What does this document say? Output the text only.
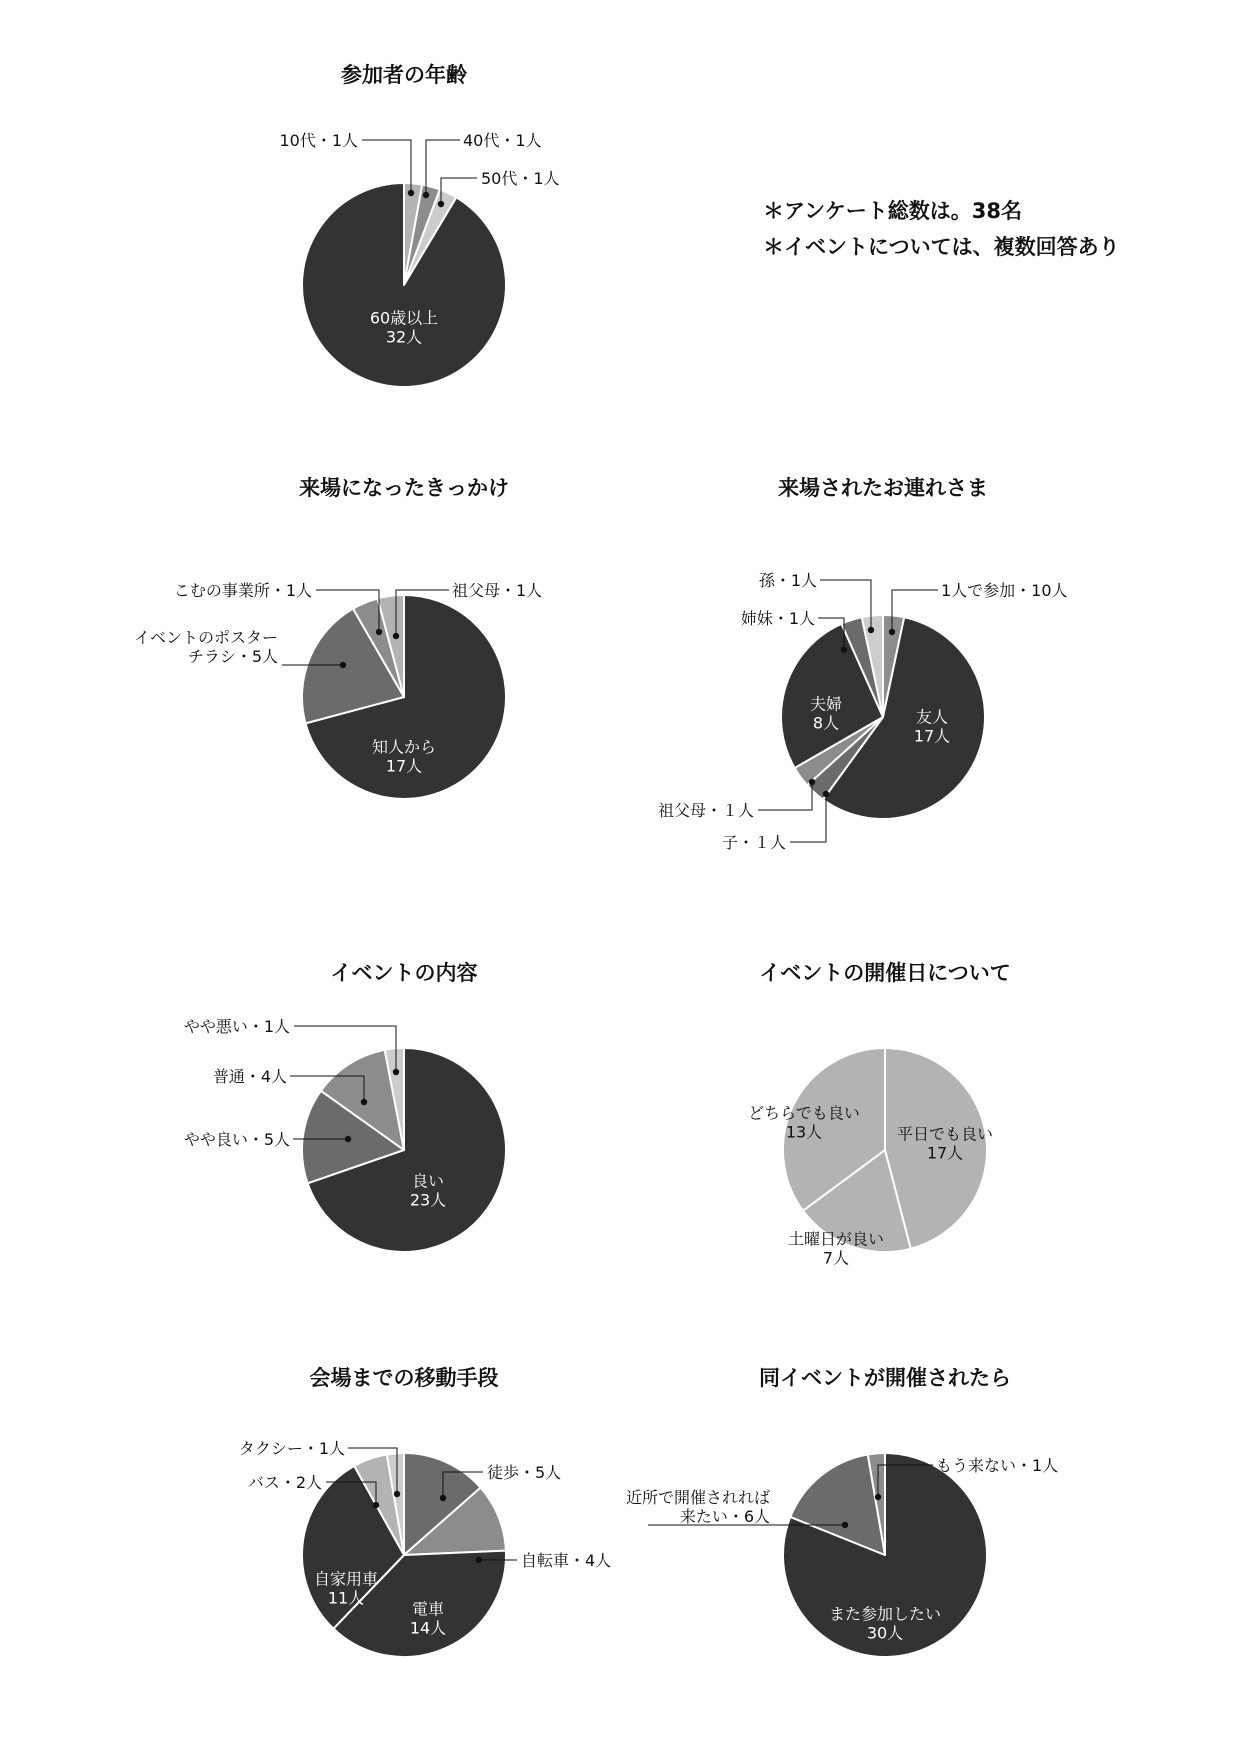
＊アンケート総数は。38名
＊イベントについては、複数回答あり
参加者の年齢
10代・1人	40代・1人
50代・1人
60歳以上 32人
来場になったきっかけ
知人から 17人
イベントのポスターチラシ・5人
こむの事業所・1人	祖父母・1人
来場されたお連れさま
1人で参加・10人
友人 17人
子・１人
祖父母・１人
夫婦 8人
姉妹・1人
孫・1人
イベントの内容
良い 23人
やや良い・5人
普通・4人
やや悪い・1人
イベントの開催日について
平日でも良い 17人
土曜日が良い 7人
どちらでも良い 13人
会場までの移動手段
徒歩・5人
自転車・4人
電車 14人
自家用車 11人
バス・2人
タクシー・1人
同イベントが開催されたら
また参加したい 30人
近所で開催されれば来たい・6人
もう来ない・1人
